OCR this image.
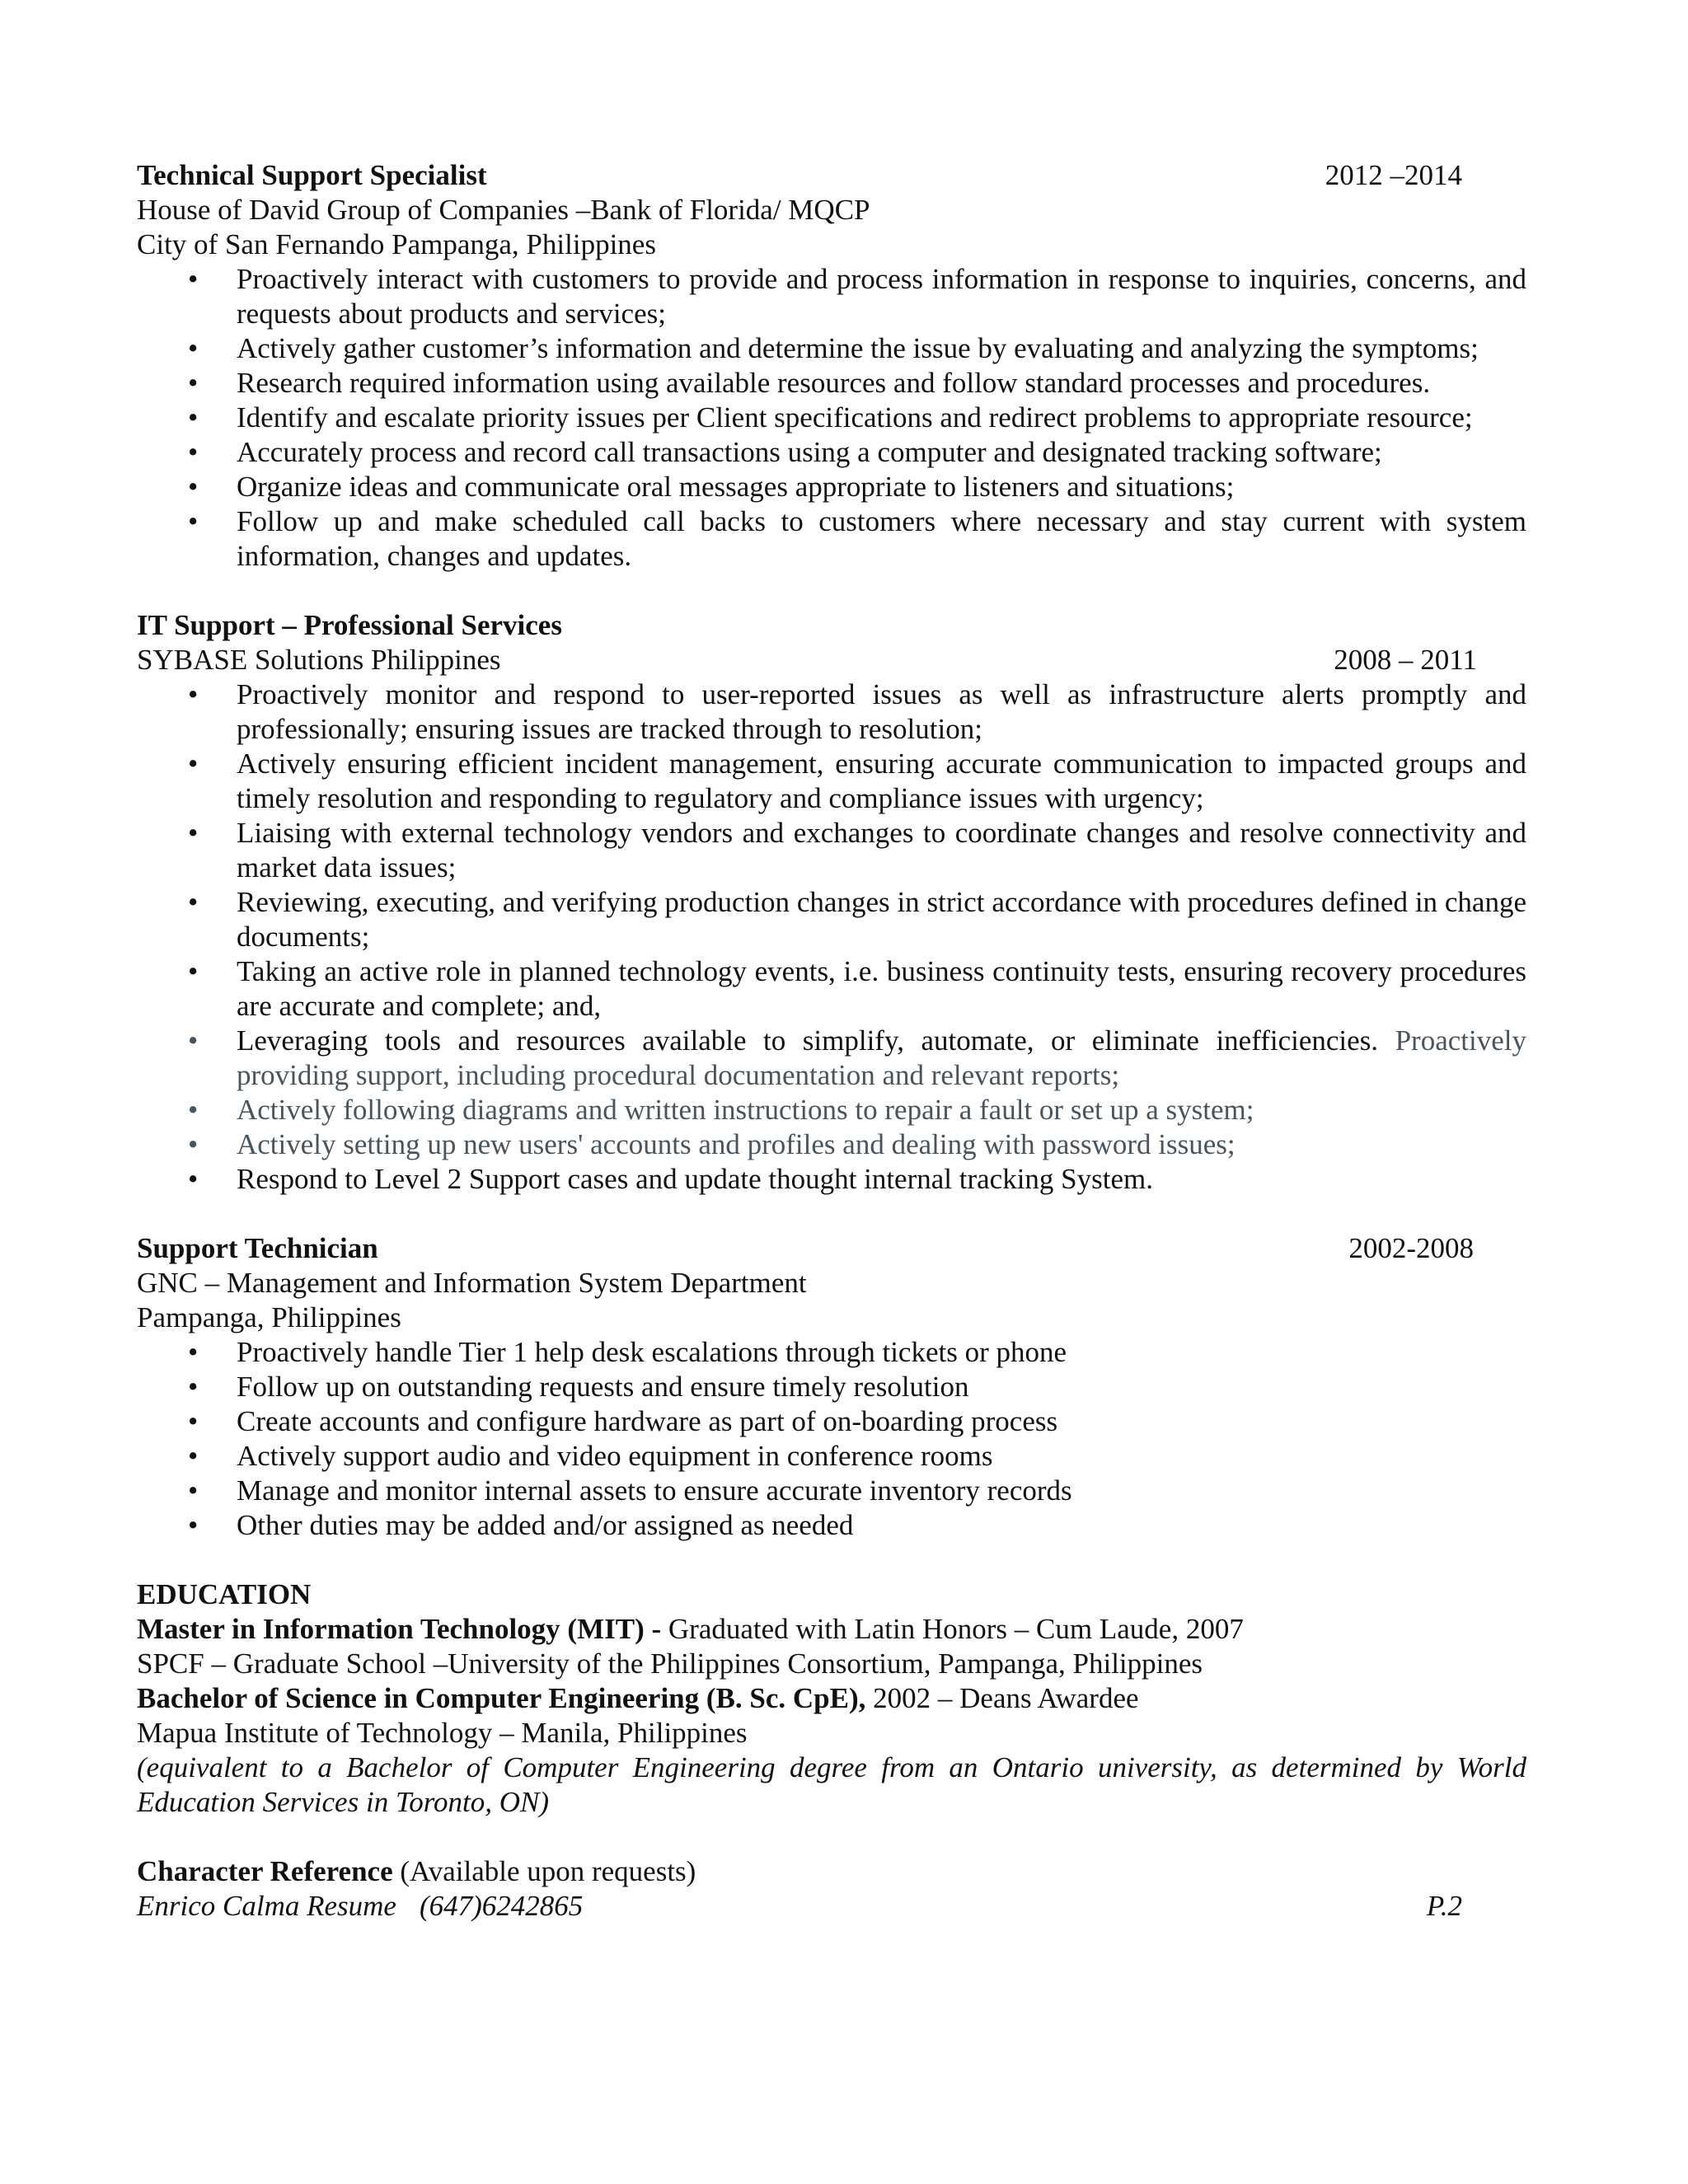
Technical Support Specialist	2012 –2014

House of David Group of Companies –Bank of Florida/ MQCP

City of San Fernando Pampanga, Philippines

• Proactively interact with customers to provide and process information in response to inquiries, concerns, and requests about products and services;
• Actively gather customer’s information and determine the issue by evaluating and analyzing the symptoms;
• Research required information using available resources and follow standard processes and procedures.
• Identify and escalate priority issues per Client specifications and redirect problems to appropriate resource;
• Accurately process and record call transactions using a computer and designated tracking software;
• Organize ideas and communicate oral messages appropriate to listeners and situations;
• Follow up and make scheduled call backs to customers where necessary and stay current with system information, changes and updates.

IT Support – Professional Services

SYBASE Solutions Philippines	2008 – 2011
• Proactively monitor and respond to user-reported issues as well as infrastructure alerts promptly and professionally; ensuring issues are tracked through to resolution;
• Actively ensuring efficient incident management, ensuring accurate communication to impacted groups and timely resolution and responding to regulatory and compliance issues with urgency;
• Liaising with external technology vendors and exchanges to coordinate changes and resolve connectivity and market data issues;
• Reviewing, executing, and verifying production changes in strict accordance with procedures defined in change documents;
• Taking an active role in planned technology events, i.e. business continuity tests, ensuring recovery procedures are accurate and complete; and,
• Leveraging tools and resources available to simplify, automate, or eliminate inefficiencies. Proactively providing support, including procedural documentation and relevant reports;
• Actively following diagrams and written instructions to repair a fault or set up a system;
• Actively setting up new users' accounts and profiles and dealing with password issues;
• Respond to Level 2 Support cases and update thought internal tracking System.
Support Technician	2002-2008

GNC – Management and Information System Department

Pampanga, Philippines

• Proactively handle Tier 1 help desk escalations through tickets or phone
• Follow up on outstanding requests and ensure timely resolution
• Create accounts and configure hardware as part of on-boarding process
• Actively support audio and video equipment in conference rooms
• Manage and monitor internal assets to ensure accurate inventory records
• Other duties may be added and/or assigned as needed

EDUCATION

Master in Information Technology (MIT) - Graduated with Latin Honors – Cum Laude, 2007

SPCF – Graduate School –University of the Philippines Consortium, Pampanga, Philippines

Bachelor of Science in Computer Engineering (B. Sc. CpE), 2002 – Deans Awardee

Mapua Institute of Technology – Manila, Philippines

(equivalent to a Bachelor of Computer Engineering degree from an Ontario university, as determined by World Education Services in Toronto, ON)

Character Reference (Available upon requests)

Enrico Calma Resume (647)6242865	P.2
